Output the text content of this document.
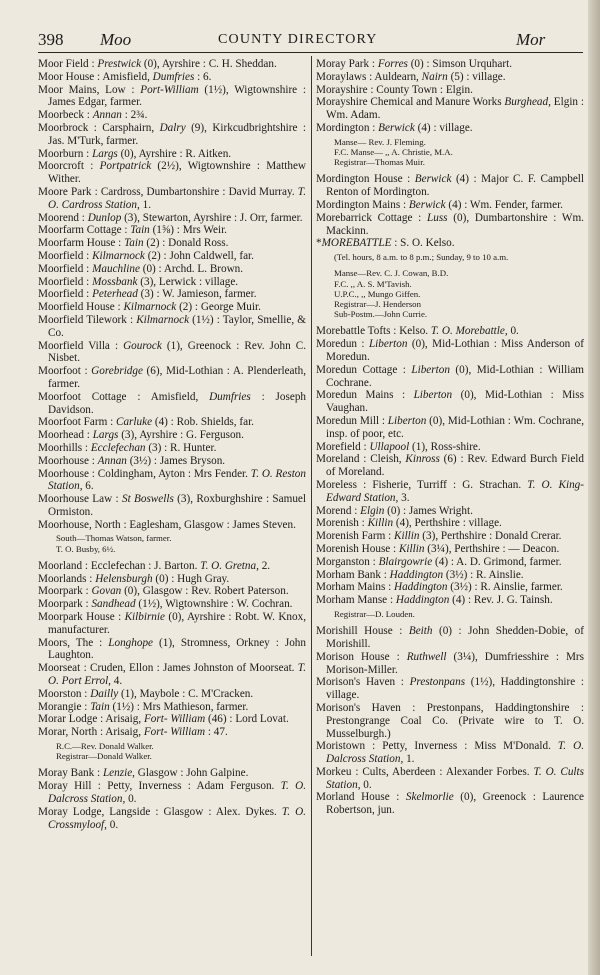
398 Moo	COUNTY DIRECTORY	Mor
Moor Field : Prestwick (0), Ayrshire : C. H. Sheddan.
Moor House : Amisfield, Dumfries : 6.
Moor Mains, Low : Port-William (1½), Wigtownshire : James Edgar, farmer.
Moorbeck : Annan : 2¾.
Moorbrock : Carsphairn, Dalry (9), Kirkcudbrightshire : Jas. M'Turk, farmer.
Moorburn : Largs (0), Ayrshire : R. Aitken.
Moorcroft : Portpatrick (2½), Wigtownshire : Matthew Wither.
Moore Park : Cardross, Dumbartonshire : David Murray. T. O. Cardross Station, 1.
Moorend : Dunlop (3), Stewarton, Ayrshire : J. Orr, farmer.
Moorfarm Cottage : Tain (1⅝) : Mrs Weir.
Moorfarm House : Tain (2) : Donald Ross.
Moorfield : Kilmarnock (2) : John Caldwell, far.
Moorfield : Mauchline (0) : Archd. L. Brown.
Moorfield : Mossbank (3), Lerwick : village.
Moorfield : Peterhead (3) : W. Jamieson, farmer.
Moorfield House : Kilmarnock (2) : George Muir.
Moorfield Tilework : Kilmarnock (1½) : Taylor, Smellie, & Co.
Moorfield Villa : Gourock (1), Greenock : Rev. John C. Nisbet.
Moorfoot : Gorebridge (6), Mid-Lothian : A. Plenderleath, farmer.
Moorfoot Cottage : Amisfield, Dumfries : Joseph Davidson.
Moorfoot Farm : Carluke (4) : Rob. Shields, far.
Moorhead : Largs (3), Ayrshire : G. Ferguson.
Moorhills : Ecclefechan (3) : R. Hunter.
Moorhouse : Annan (3½) : James Bryson.
Moorhouse : Coldingham, Ayton : Mrs Fender. T. O. Reston Station, 6.
Moorhouse Law : St Boswells (3), Roxburghshire : Samuel Ormiston.
Moorhouse, North : Eaglesham, Glasgow : James Steven.
South—Thomas Watson, farmer.
T. O. Busby, 6½.
Moorland : Ecclefechan : J. Barton. T. O. Gretna, 2.
Moorlands : Helensburgh (0) : Hugh Gray.
Moorpark : Govan (0), Glasgow : Rev. Robert Paterson.
Moorpark : Sandhead (1½), Wigtownshire : W. Cochran.
Moorpark House : Kilbirnie (0), Ayrshire : Robt. W. Knox, manufacturer.
Moors, The : Longhope (1), Stromness, Orkney : John Laughton.
Moorseat : Cruden, Ellon : James Johnston of Moorseat. T. O. Port Errol, 4.
Moorston : Dailly (1), Maybole : C. M'Cracken.
Morangie : Tain (1½) : Mrs Mathieson, farmer.
Morar Lodge : Arisaig, Fort- William (46) : Lord Lovat.
Morar, North : Arisaig, Fort- William : 47.
R.C.—Rev. Donald Walker.
Registrar—Donald Walker.
Moray Bank : Lenzie, Glasgow : John Galpine.
Moray Hill : Petty, Inverness : Adam Ferguson. T. O. Dalcross Station, 0.
Moray Lodge, Langside : Glasgow : Alex. Dykes. T. O. Crossmyloof, 0.
Moray Park : Forres (0) : Simson Urquhart.
Moraylaws : Auldearn, Nairn (5) : village.
Morayshire : County Town : Elgin.
Morayshire Chemical and Manure Works Burghead, Elgin : Wm. Adam.
Mordington : Berwick (4) : village.
Manse— Rev. J. Fleming.
F.C. Manse— ,, A. Christie, M.A.
Registrar—Thomas Muir.
Mordington House : Berwick (4) : Major C. F. Campbell Renton of Mordington.
Mordington Mains : Berwick (4) : Wm. Fender, farmer.
Morebarrick Cottage : Luss (0), Dumbartonshire : Wm. Mackinn.
*MOREBATTLE : S. O. Kelso.
(Tel. hours, 8 a.m. to 8 p.m.; Sunday, 9 to 10 a.m.
Manse—Rev. C. J. Cowan, B.D.
F.C. ,, A. S. M'Tavish.
U.P.C., ,, Mungo Giffen.
Registrar—J. Henderson
Sub-Postm.—John Currie.
Morebattle Tofts : Kelso. T. O. Morebattle, 0.
Moredun : Liberton (0), Mid-Lothian : Miss Anderson of Moredun.
Moredun Cottage : Liberton (0), Mid-Lothian : William Cochrane.
Moredun Mains : Liberton (0), Mid-Lothian : Miss Vaughan.
Moredun Mill : Liberton (0), Mid-Lothian : Wm. Cochrane, insp. of poor, etc.
Morefield : Ullapool (1), Ross-shire.
Moreland : Cleish, Kinross (6) : Rev. Edward Burch Field of Moreland.
Moreless : Fisherie, Turriff : G. Strachan. T. O. King-Edward Station, 3.
Morend : Elgin (0) : James Wright.
Morenish : Killin (4), Perthshire : village.
Morenish Farm : Killin (3), Perthshire : Donald Crerar.
Morenish House : Killin (3¼), Perthshire : — Deacon.
Morganston : Blairgowrie (4) : A. D. Grimond, farmer.
Morham Bank : Haddington (3½) : R. Ainslie.
Morham Mains : Haddington (3½) : R. Ainslie, farmer.
Morham Manse : Haddington (4) : Rev. J. G. Tainsh.
Registrar—D. Louden.
Morishill House : Beith (0) : John Shedden-Dobie, of Morishill.
Morison House : Ruthwell (3¼), Dumfriesshire : Mrs Morison-Miller.
Morison's Haven : Prestonpans (1½), Haddingtonshire : village.
Morison's Haven : Prestonpans, Haddingtonshire : Prestongrange Coal Co. (Private wire to T. O. Musselburgh.)
Moristown : Petty, Inverness : Miss M'Donald. T. O. Dalcross Station, 1.
Morkeu : Cults, Aberdeen : Alexander Forbes. T. O. Cults Station, 0.
Morland House : Skelmorlie (0), Greenock : Laurence Robertson, jun.
